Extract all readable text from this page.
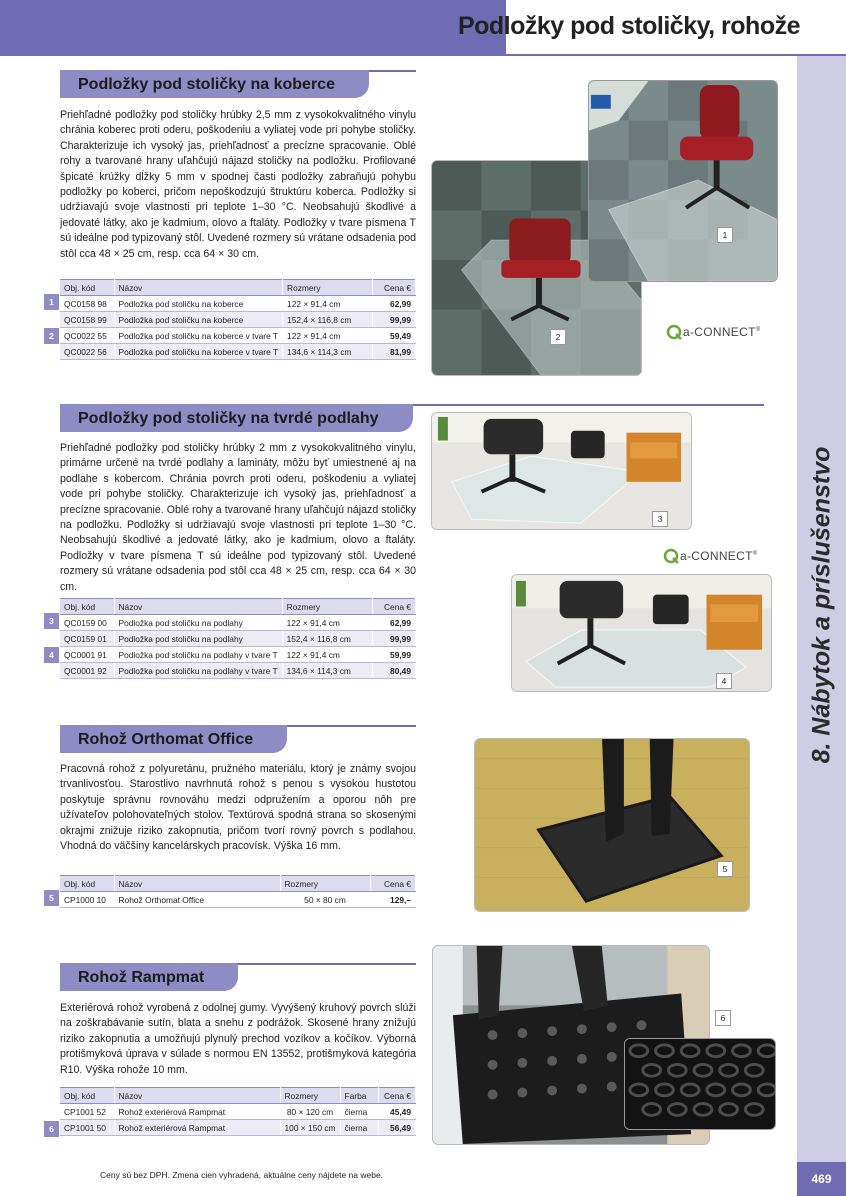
Podložky pod stoličky, rohože
8. Nábytok a príslušenstvo
469
Podložky pod stoličky na koberce
Priehľadné podložky pod stoličky hrúbky 2,5 mm z vysokokvalitného vinylu chránia koberec proti oderu, poškodeniu a vyliatej vode pri pohybe stoličky. Charakterizuje ich vysoký jas, priehľadnosť a precízne spracovanie. Oblé rohy a tvarované hrany uľahčujú nájazd stoličky na podložku. Profilované špicaté krúžky dĺžky 5 mm v spodnej časti podložky zabraňujú pohybu podložky po koberci, pričom nepoškodzujú štruktúru koberca. Podložky si udržiavajú svoje vlastnosti pri teplote 1–30 °C. Neobsahujú škodlivé a jedovaté látky, ako je kadmium, olovo a ftaláty. Podložky v tvare písmena T sú ideálne pod typizovaný stôl. Uvedené rozmery sú vrátane odsadenia pod stôl cca 48 × 25 cm, resp. cca 64 × 30 cm.
Obj. kód	Názov	Rozmery	Cena €
QC0158 98	Podložka pod stoličku na koberce	122 × 91,4 cm	62,99
QC0158 99	Podložka pod stoličku na koberce	152,4 × 116,8 cm	99,99
QC0022 55	Podložka pod stoličku na koberce v tvare T	122 × 91,4 cm	59,49
QC0022 56	Podložka pod stoličku na koberce v tvare T	134,6 × 114,3 cm	81,99
1
2	2
1
a-CONNECT®
Podložky pod stoličky na tvrdé podlahy
Priehľadné podložky pod stoličky hrúbky 2 mm z vysokokvalitného vinylu, primárne určené na tvrdé podlahy a lamináty, môžu byť umiestnené aj na podlahe s kobercom. Chránia povrch proti oderu, poškodeniu a vyliatej vode pri pohybe stoličky. Charakterizuje ich vysoký jas, priehľadnosť a precízne spracovanie. Oblé rohy a tvarované hrany uľahčujú nájazd stoličky na podložku. Podložky si udržiavajú svoje vlastnosti pri teplote 1–30 °C. Neobsahujú škodlivé a jedovaté látky, ako je kadmium, olovo a ftaláty. Podložky v tvare písmena T sú ideálne pod typizovaný stôl. Uvedené rozmery sú vrátane odsadenia pod stôl cca 48 × 25 cm, resp. cca 64 × 30 cm.
Obj. kód	Názov	Rozmery	Cena €
QC0159 00	Podložka pod stoličku na podlahy	122 × 91,4 cm	62,99
QC0159 01	Podložka pod stoličku na podlahy	152,4 × 116,8 cm	99,99
QC0001 91	Podložka pod stoličku na podlahy v tvare T	122 × 91,4 cm	59,99
QC0001 92	Podložka pod stoličku na podlahy v tvare T	134,6 × 114,3 cm	80,49
3
4
3
a-CONNECT®
4
Rohož Orthomat Office
Pracovná rohož z polyuretánu, pružného materiálu, ktorý je známy svojou trvanlivosťou. Starostlivo navrhnutá rohož s penou s vysokou hustotou poskytuje správnu rovnováhu medzi odpružením a oporou nôh pre užívateľov polohovateľných stolov. Textúrová spodná strana so skosenými okrajmi znižuje riziko zakopnutia, pričom tvorí rovný povrch s podlahou. Vhodná do väčšiny kancelárskych pracovísk. Výška 16 mm.
Obj. kód	Názov	Rozmery	Cena €
CP1000 10	Rohož Orthomat Office	50 × 80 cm	129,–
5
5
Rohož Rampmat
Exteriérová rohož vyrobená z odolnej gumy. Vyvýšený kruhový povrch slúži na zoškrabávanie sutín, blata a snehu z podrážok. Skosené hrany znižujú riziko zakopnutia a umožňujú plynulý prechod vozíkov a kočíkov. Výborná protišmyková úprava v súlade s normou EN 13552, protišmyková kategória R10. Výška rohože 10 mm.
Obj. kód	Názov	Rozmery	Farba	Cena €
CP1001 52	Rohož exteriérová Rampmat	80 × 120 cm	čierna	45,49
CP1001 50	Rohož exteriérová Rampmat	100 × 150 cm	čierna	56,49
6
6
Ceny sú bez DPH. Zmena cien vyhradená, aktuálne ceny nájdete na webe.
